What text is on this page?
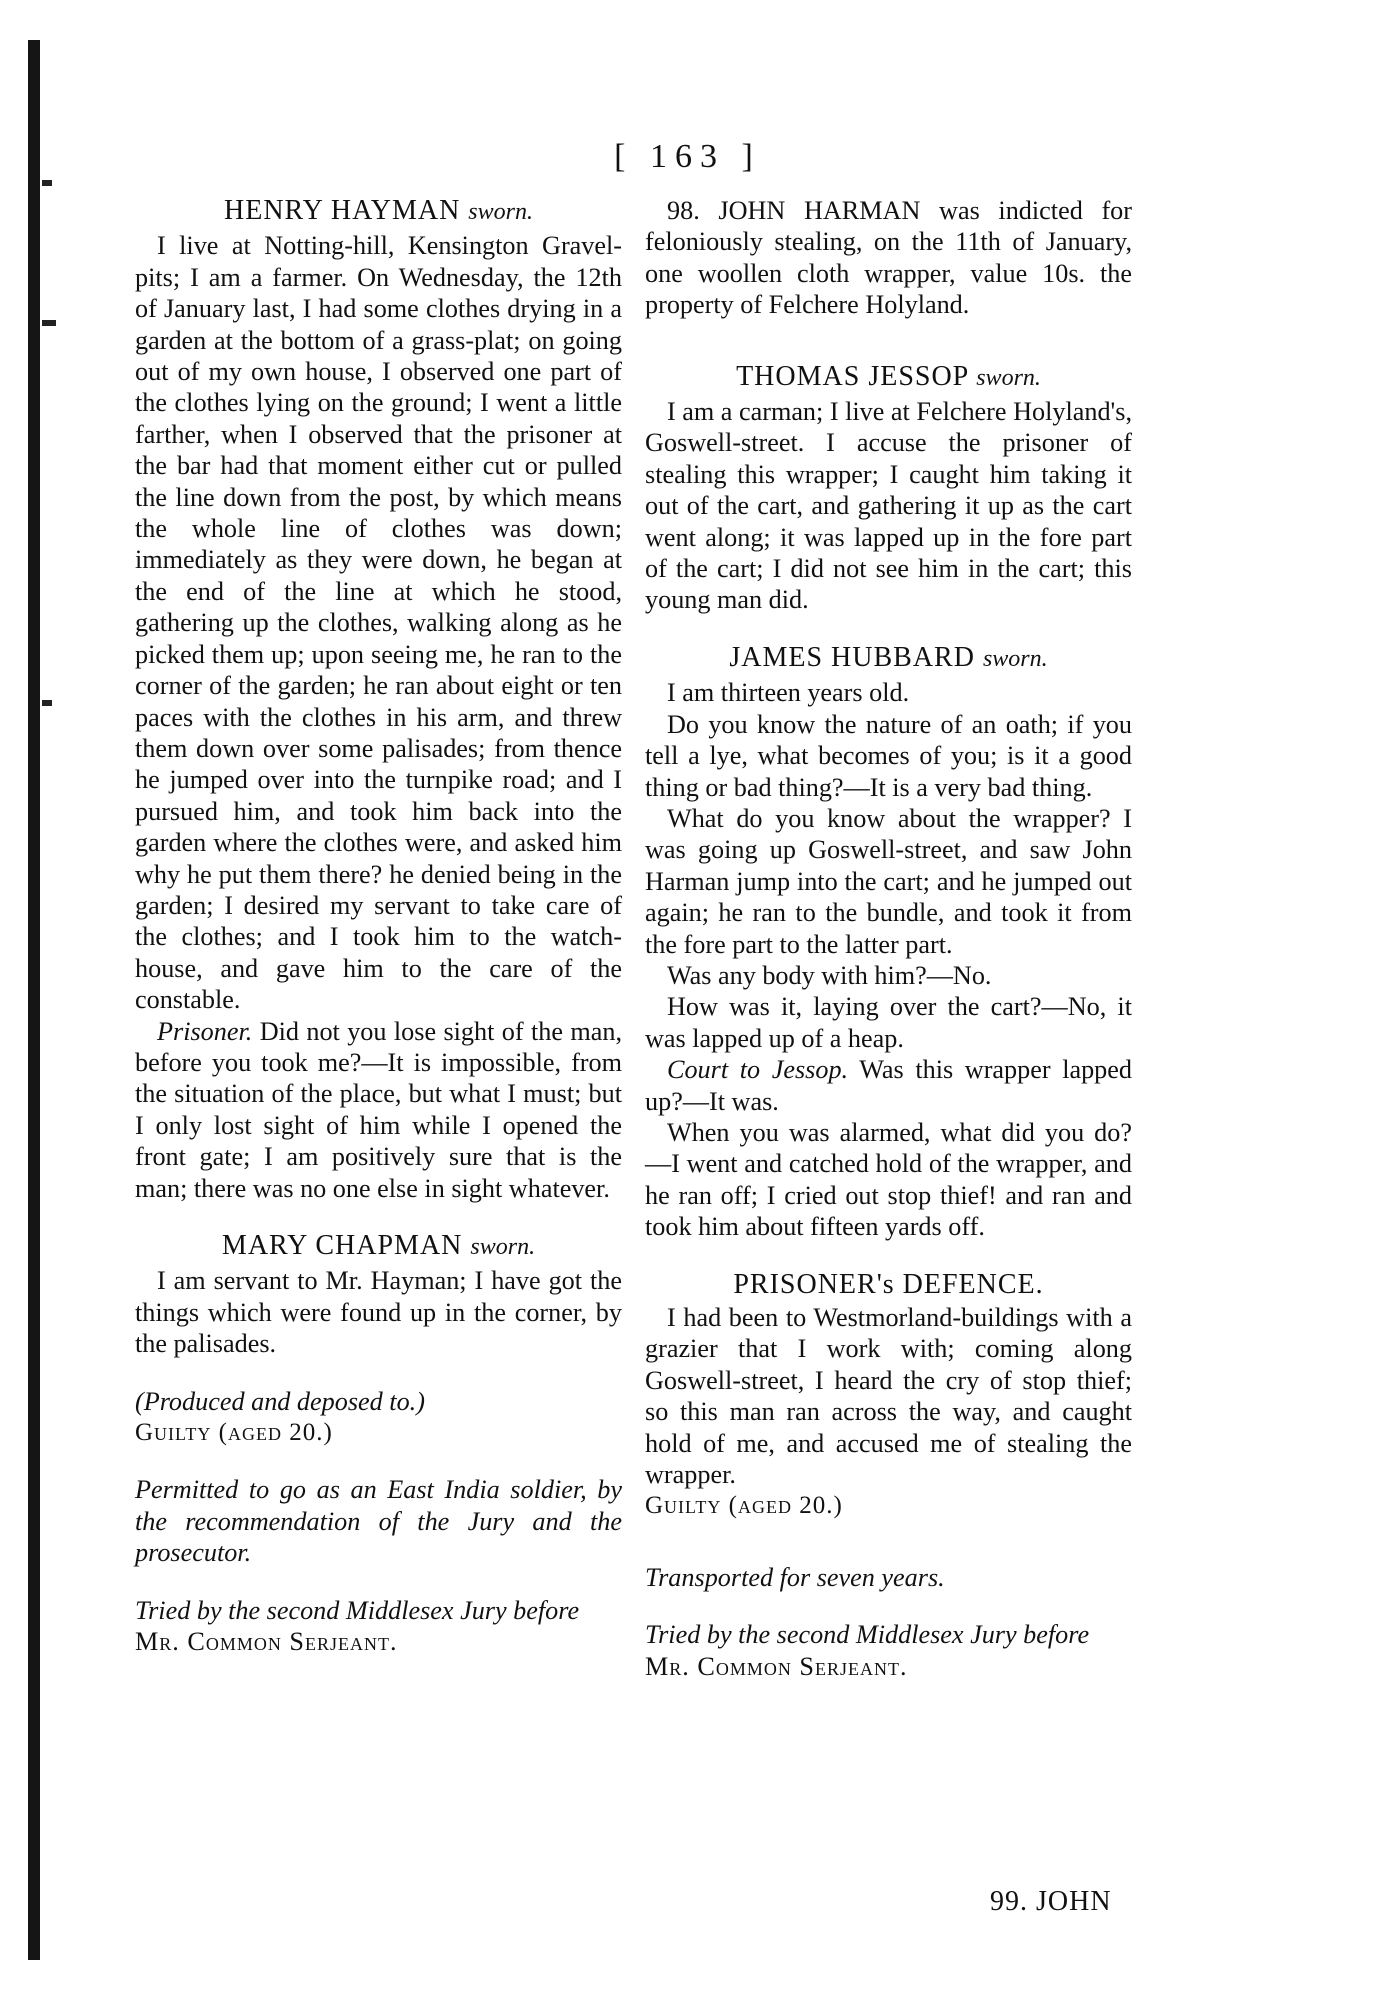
[ 163 ]
HENRY HAYMAN sworn.

I live at Notting-hill, Kensington Gravel-pits; I am a farmer. On Wednesday, the 12th of January last, I had some clothes drying in a garden at the bottom of a grass-plat; on going out of my own house, I observed one part of the clothes lying on the ground; I went a little farther, when I observed that the prisoner at the bar had that moment either cut or pulled the line down from the post, by which means the whole line of clothes was down; immediately as they were down, he began at the end of the line at which he stood, gathering up the clothes, walking along as he picked them up; upon seeing me, he ran to the corner of the garden; he ran about eight or ten paces with the clothes in his arm, and threw them down over some palisades; from thence he jumped over into the turnpike road; and I pursued him, and took him back into the garden where the clothes were, and asked him why he put them there? he denied being in the garden; I desired my servant to take care of the clothes; and I took him to the watch-house, and gave him to the care of the constable.

Prisoner. Did not you lose sight of the man, before you took me?—It is impossible, from the situation of the place, but what I must; but I only lost sight of him while I opened the front gate; I am positively sure that is the man; there was no one else in sight whatever.

MARY CHAPMAN sworn.

I am servant to Mr. Hayman; I have got the things which were found up in the corner, by the palisades.

(Produced and deposed to.)

Guilty (aged 20.)

Permitted to go as an East India soldier, by the recommendation of the Jury and the prosecutor.

Tried by the second Middlesex Jury before

Mr. Common Serjeant.

98. JOHN HARMAN was indicted for feloniously stealing, on the 11th of January, one woollen cloth wrapper, value 10s. the property of Felchere Holyland.

THOMAS JESSOP sworn.

I am a carman; I live at Felchere Holyland's, Goswell-street. I accuse the prisoner of stealing this wrapper; I caught him taking it out of the cart, and gathering it up as the cart went along; it was lapped up in the fore part of the cart; I did not see him in the cart; this young man did.

JAMES HUBBARD sworn.

I am thirteen years old.

Do you know the nature of an oath; if you tell a lye, what becomes of you; is it a good thing or bad thing?—It is a very bad thing.

What do you know about the wrapper? I was going up Goswell-street, and saw John Harman jump into the cart; and he jumped out again; he ran to the bundle, and took it from the fore part to the latter part.

Was any body with him?—No.

How was it, laying over the cart?—No, it was lapped up of a heap.

Court to Jessop. Was this wrapper lapped up?—It was.

When you was alarmed, what did you do?—I went and catched hold of the wrapper, and he ran off; I cried out stop thief! and ran and took him about fifteen yards off.

PRISONER's DEFENCE.

I had been to Westmorland-buildings with a grazier that I work with; coming along Goswell-street, I heard the cry of stop thief; so this man ran across the way, and caught hold of me, and accused me of stealing the wrapper.

Guilty (aged 20.)

Transported for seven years.

Tried by the second Middlesex Jury before

Mr. Common Serjeant.

99. JOHN
